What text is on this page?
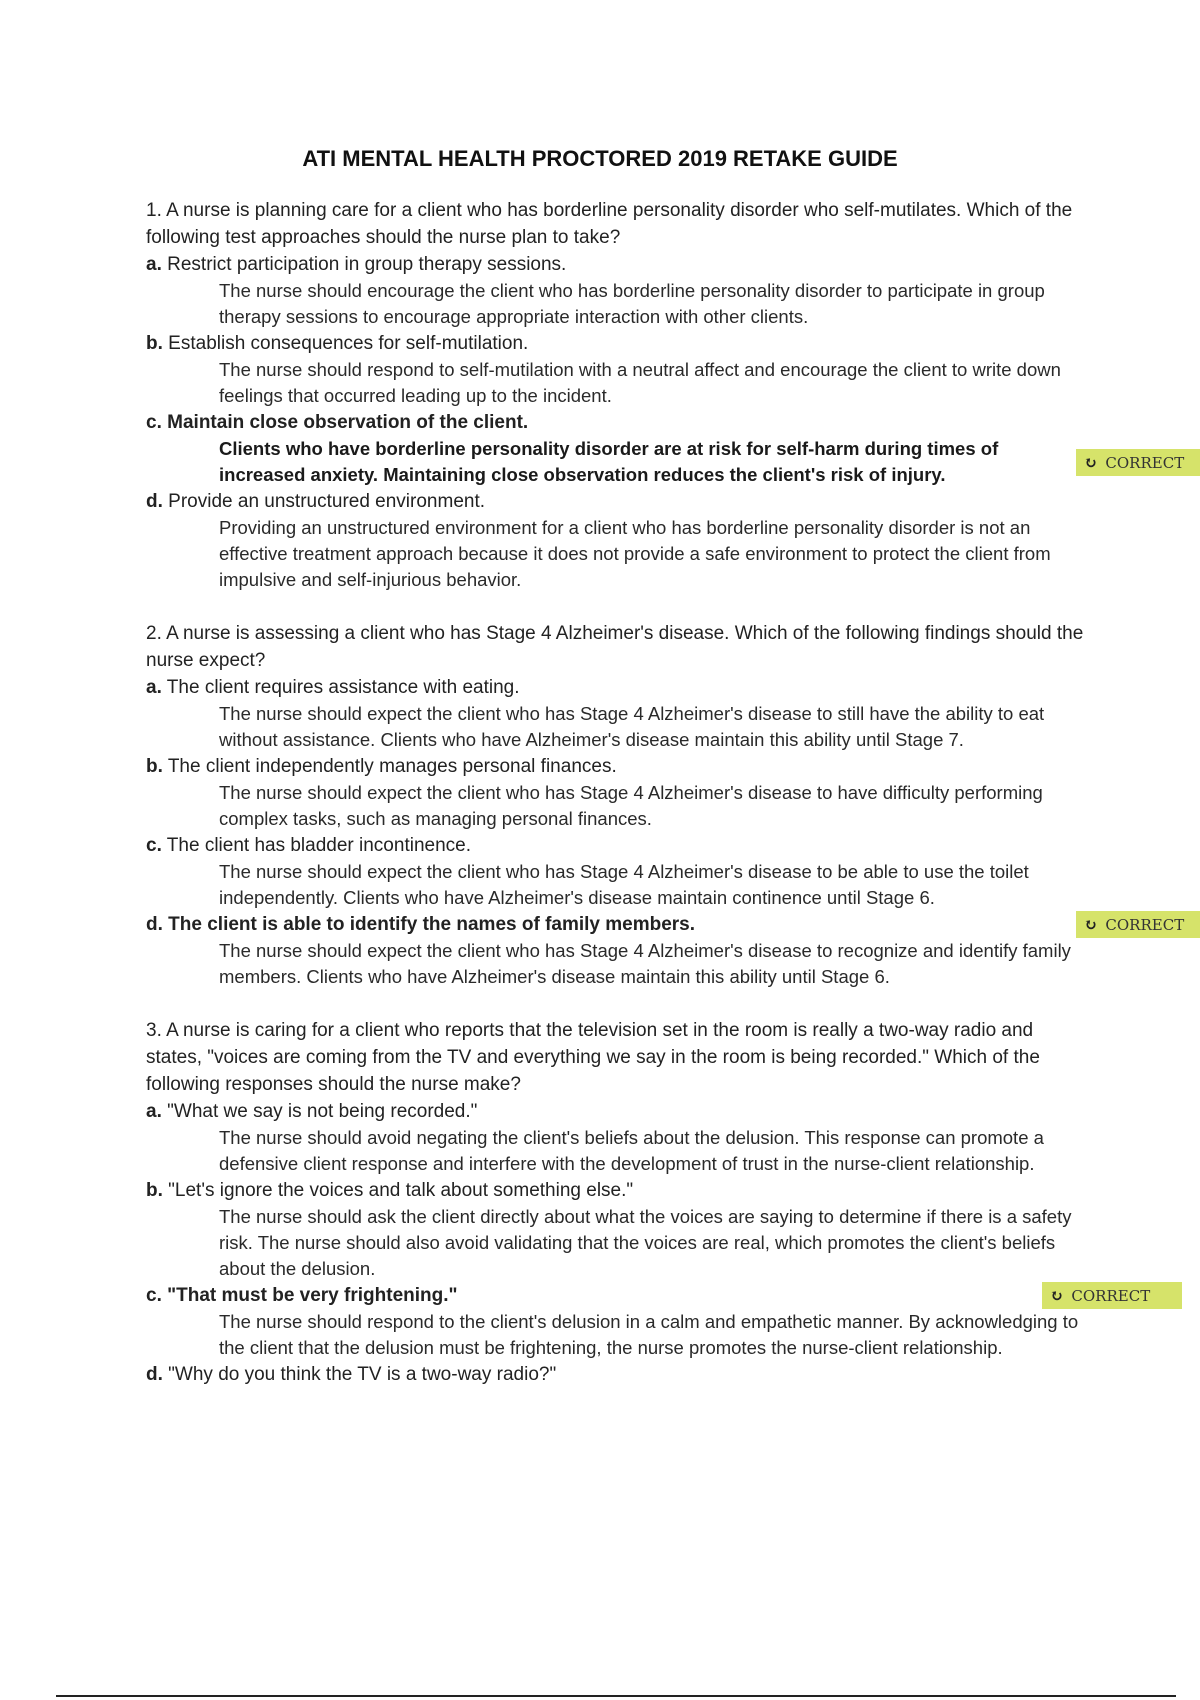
ATI MENTAL HEALTH PROCTORED 2019 RETAKE GUIDE

1. A nurse is planning care for a client who has borderline personality disorder who self-mutilates. Which of the following test approaches should the nurse plan to take?

a. Restrict participation in group therapy sessions.

The nurse should encourage the client who has borderline personality disorder to participate in group therapy sessions to encourage appropriate interaction with other clients.

b. Establish consequences for self-mutilation.

The nurse should respond to self-mutilation with a neutral affect and encourage the client to write down feelings that occurred leading up to the incident.

c. Maintain close observation of the client.

Clients who have borderline personality disorder are at risk for self-harm during times of increased anxiety. Maintaining close observation reduces the client's risk of injury.

↻ CORRECT

d. Provide an unstructured environment.

Providing an unstructured environment for a client who has borderline personality disorder is not an effective treatment approach because it does not provide a safe environment to protect the client from impulsive and self-injurious behavior.

2. A nurse is assessing a client who has Stage 4 Alzheimer's disease. Which of the following findings should the nurse expect?

a. The client requires assistance with eating.

The nurse should expect the client who has Stage 4 Alzheimer's disease to still have the ability to eat without assistance. Clients who have Alzheimer's disease maintain this ability until Stage 7.

b. The client independently manages personal finances.

The nurse should expect the client who has Stage 4 Alzheimer's disease to have difficulty performing complex tasks, such as managing personal finances.

c. The client has bladder incontinence.

The nurse should expect the client who has Stage 4 Alzheimer's disease to be able to use the toilet independently. Clients who have Alzheimer's disease maintain continence until Stage 6.

d. The client is able to identify the names of family members.

The nurse should expect the client who has Stage 4 Alzheimer's disease to recognize and identify family members. Clients who have Alzheimer's disease maintain this ability until Stage 6.

↻ CORRECT

3. A nurse is caring for a client who reports that the television set in the room is really a two-way radio and states, "voices are coming from the TV and everything we say in the room is being recorded." Which of the following responses should the nurse make?

a. "What we say is not being recorded."

The nurse should avoid negating the client's beliefs about the delusion. This response can promote a defensive client response and interfere with the development of trust in the nurse-client relationship.

b. "Let's ignore the voices and talk about something else."

The nurse should ask the client directly about what the voices are saying to determine if there is a safety risk. The nurse should also avoid validating that the voices are real, which promotes the client's beliefs about the delusion.

c. "That must be very frightening."

The nurse should respond to the client's delusion in a calm and empathetic manner. By acknowledging to the client that the delusion must be frightening, the nurse promotes the nurse-client relationship.

↻ CORRECT

d. "Why do you think the TV is a two-way radio?"
